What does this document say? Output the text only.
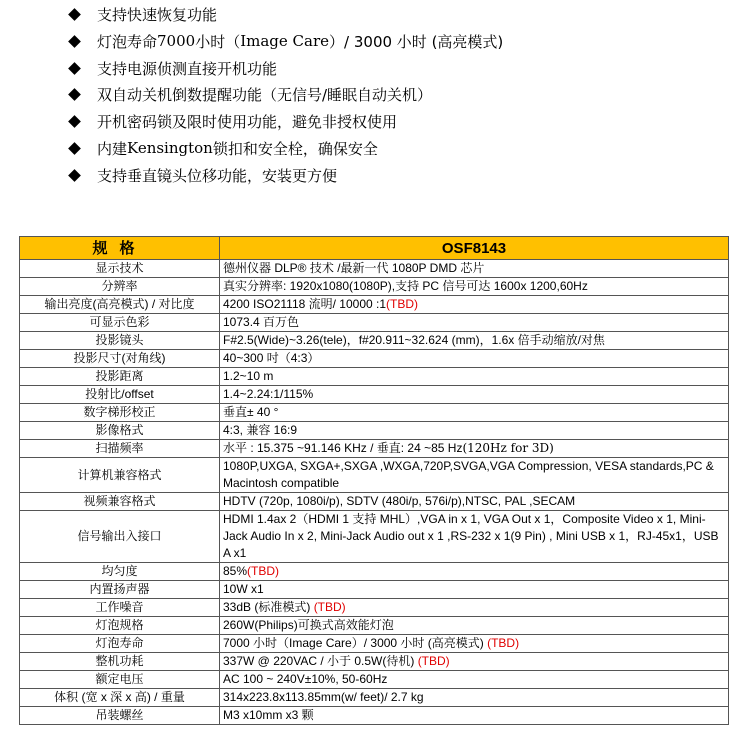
支持快速恢复功能
灯泡寿命 7000 小时（ Image Care ）/ 3000 小时 (高亮模式)
支持电源侦测直接开机功能
双自动关机倒数提醒功能（无信号/睡眠自动关机）
开机密码锁及限时使用功能，避免非授权使用
内建 Kensington 锁扣和安全栓，确保安全
支持垂直镜头位移功能，安装更方便
规格	OSF8143
显示技术	德州仪器 DLP® 技术 /最新一代 1080P DMD 芯片
分辨率	真实分辨率: 1920x1080(1080P),支持 PC 信号可达 1600x 1200,60Hz
输出亮度(高亮模式) / 对比度	4200 ISO21118 流明/ 10000 :1(TBD)
可显示色彩	1073.4 百万色
投影镜头	F#2.5(Wide)~3.26(tele)，f#20.911~32.624 (mm)，1.6x 倍手动缩放/对焦
投影尺寸(对角线)	40~300 吋（4:3）
投影距离	1.2~10 m
投射比/offset	1.4~2.24:1/115%
数字梯形校正	垂直± 40 °
影像格式	4:3, 兼容 16:9
扫描频率	水平 : 15.375 ~91.146 KHz / 垂直: 24 ~85 Hz(120Hz for 3D)
计算机兼容格式	1080P,UXGA, SXGA+,SXGA ,WXGA,720P,SVGA,VGA Compression, VESA standards,PC & Macintosh compatible
视频兼容格式	HDTV (720p, 1080i/p), SDTV (480i/p, 576i/p),NTSC, PAL ,SECAM
信号输出入接口	HDMI 1.4ax 2（HDMI 1 支持 MHL）,VGA in x 1, VGA Out x 1，Composite Video x 1, Mini-Jack Audio In x 2, Mini-Jack Audio out x 1 ,RS-232 x 1(9 Pin) , Mini USB x 1，RJ-45x1，USB A x1
均匀度	85%(TBD)
内置扬声器	10W x1
工作噪音	33dB (标准模式) (TBD)
灯泡规格	260W(Philips)可换式高效能灯泡
灯泡寿命	7000 小时（Image Care）/ 3000 小时 (高亮模式) (TBD)
整机功耗	337W @ 220VAC / 小于 0.5W(待机) (TBD)
额定电压	AC 100 ~ 240V±10%, 50-60Hz
体积 (宽 x 深 x 高) / 重量	314x223.8x113.85mm(w/ feet)/ 2.7 kg
吊装螺丝	M3 x10mm x3 颗
